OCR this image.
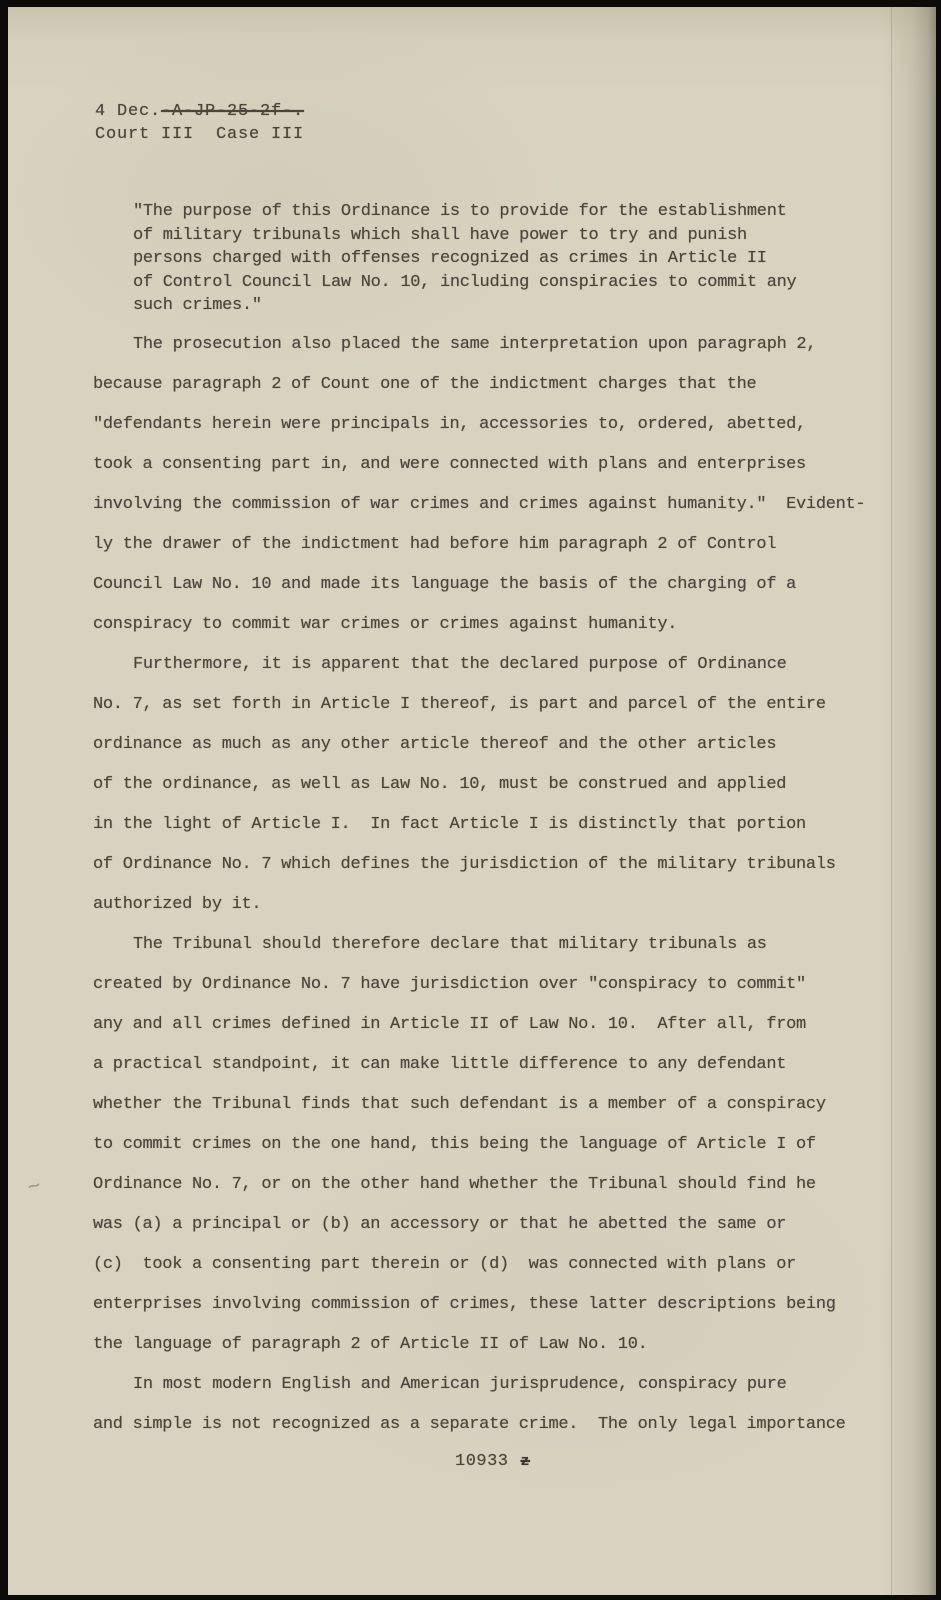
4 Dec.-A-JP-25-2f-.
Court III  Case III
"The purpose of this Ordinance is to provide for the establishment
of military tribunals which shall have power to try and punish
persons charged with offenses recognized as crimes in Article II
of Control Council Law No. 10, including conspiracies to commit any
such crimes."
The prosecution also placed the same interpretation upon paragraph 2,
because paragraph 2 of Count one of the indictment charges that the
"defendants herein were principals in, accessories to, ordered, abetted,
took a consenting part in, and were connected with plans and enterprises
involving the commission of war crimes and crimes against humanity."  Evident-
ly the drawer of the indictment had before him paragraph 2 of Control
Council Law No. 10 and made its language the basis of the charging of a
conspiracy to commit war crimes or crimes against humanity.
Furthermore, it is apparent that the declared purpose of Ordinance
No. 7, as set forth in Article I thereof, is part and parcel of the entire
ordinance as much as any other article thereof and the other articles
of the ordinance, as well as Law No. 10, must be construed and applied
in the light of Article I.  In fact Article I is distinctly that portion
of Ordinance No. 7 which defines the jurisdiction of the military tribunals
authorized by it.
The Tribunal should therefore declare that military tribunals as
created by Ordinance No. 7 have jurisdiction over "conspiracy to commit"
any and all crimes defined in Article II of Law No. 10.  After all, from
a practical standpoint, it can make little difference to any defendant
whether the Tribunal finds that such defendant is a member of a conspiracy
to commit crimes on the one hand, this being the language of Article I of
Ordinance No. 7, or on the other hand whether the Tribunal should find he
was (a) a principal or (b) an accessory or that he abetted the same or
(c)  took a consenting part therein or (d)  was connected with plans or
enterprises involving commission of crimes, these latter descriptions being
the language of paragraph 2 of Article II of Law No. 10.
In most modern English and American jurisprudence, conspiracy pure
and simple is not recognized as a separate crime.  The only legal importance
10933 z
~
